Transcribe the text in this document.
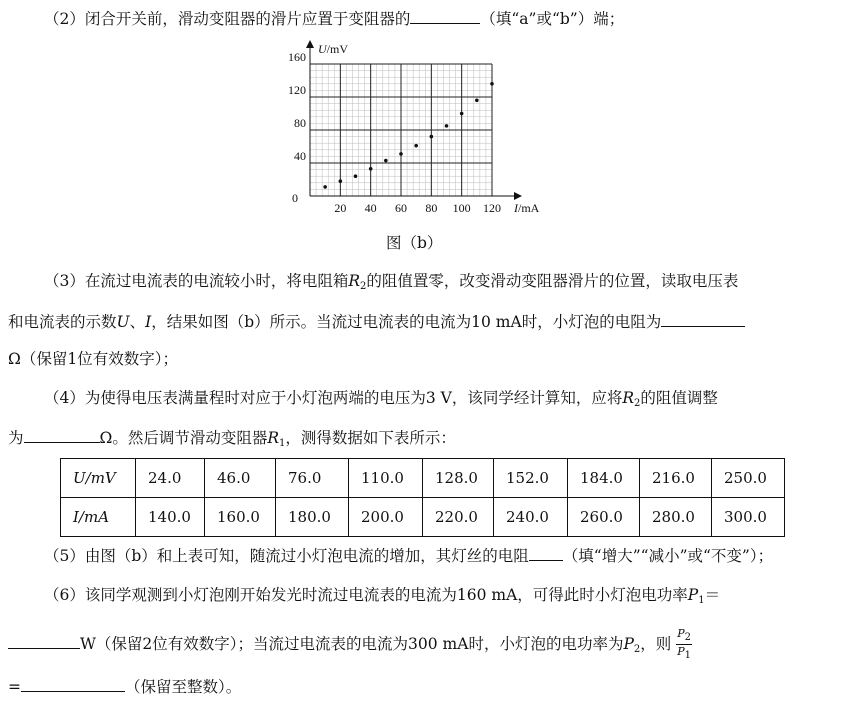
（2）闭合开关前，滑动变阻器的滑片应置于变阻器的	（填“a”或“b”）端；
20 40 60 80 100 120
40
80
120
160
0
I/mA
U/mV
图（b）
（3）在流过电流表的电流较小时，将电阻箱$R_2$的阻值置零，改变滑动变阻器滑片的位置，读取电压表
和电流表的示数U、I，结果如图（b）所示。当流过电流表的电流为10 mA时，小灯泡的电阻为
Ω（保留1位有效数字）；
（4）为使得电压表满量程时对应于小灯泡两端的电压为3 V，该同学经计算知，应将$R_2$的阻值调整
为	Ω。然后调节滑动变阻器$R_1$，测得数据如下表所示：
U/mV	24.0	46.0	76.0	110.0	128.0	152.0	184.0	216.0	250.0
I/mA	140.0	160.0	180.0	200.0	220.0	240.0	260.0	280.0	300.0
（5）由图（b）和上表可知，随流过小灯泡电流的增加，其灯丝的电阻 （填“增大”“减小”或“不变”）；
（6）该同学观测到小灯泡刚开始发光时流过电流表的电流为160 mA，可得此时小灯泡电功率$P_1=$
W（保留2位有效数字）；当流过电流表的电流为300 mA时，小灯泡的电功率为$P_2$，则 $\frac{P_2}{P_1}$
=	（保留至整数）。
